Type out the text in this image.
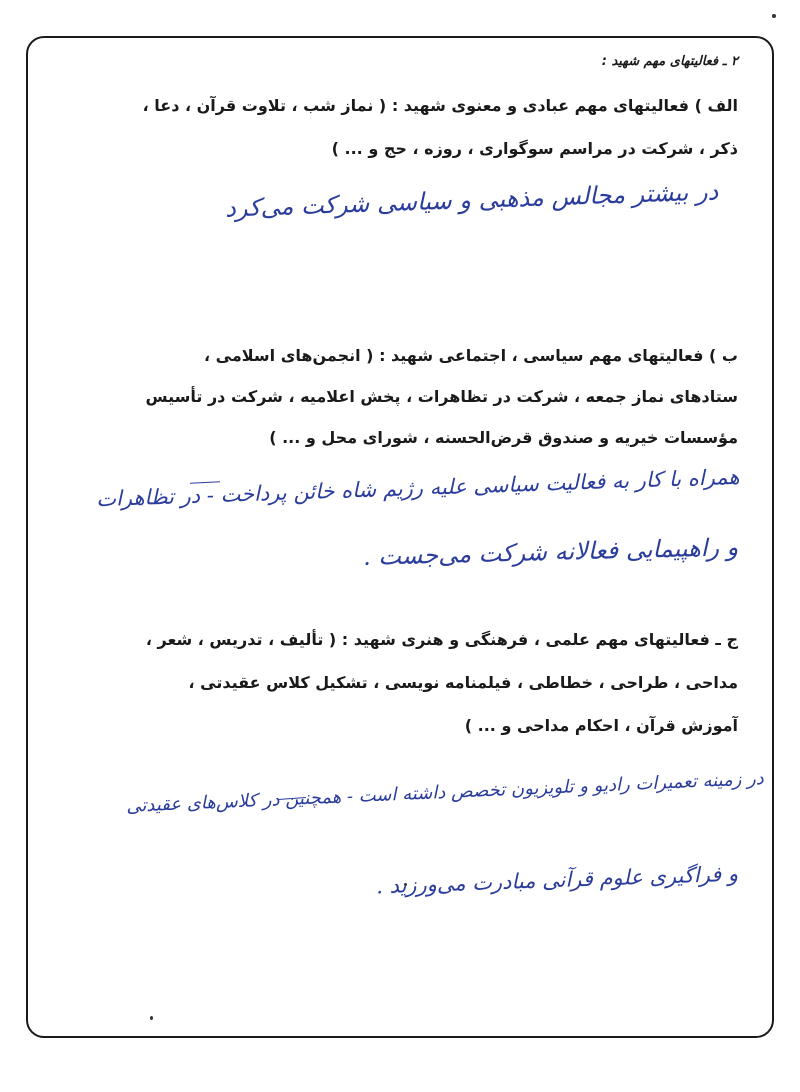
۲ ـ فعالیتهای مهم شهید :
الف ) فعالیتهای مهم عبادی و معنوی شهید : ( نماز شب ، تلاوت قرآن ، دعا ،
ذکر ، شرکت در مراسم سوگواری ، روزه ، حج و ... )
در بیشتر مجالس مذهبی و سیاسی شرکت می‌کرد
ب ) فعالیتهای مهم سیاسی ، اجتماعی شهید : ( انجمن‌های اسلامی ،
ستادهای نماز جمعه ، شرکت در تظاهرات ، پخش اعلامیه ، شرکت در تأسیس
مؤسسات خیریه و صندوق قرض‌الحسنه ، شورای محل و ... )
همراه با کار به فعالیت سیاسی علیه رژیم شاه خائن پرداخت - در تظاهرات
و راهپیمایی فعالانه شرکت می‌جست .
ج ـ فعالیتهای مهم علمی ، فرهنگی و هنری شهید : ( تألیف ، تدریس ، شعر ،
مداحی ، طراحی ، خطاطی ، فیلمنامه نویسی ، تشکیل کلاس عقیدتی ،
آموزش قرآن ، احکام مداحی و ... )
در زمینه تعمیرات رادیو و تلویزیون تخصص داشته است - همچنین در کلاس‌های عقیدتی
و فراگیری علوم قرآنی مبادرت می‌ورزید .
